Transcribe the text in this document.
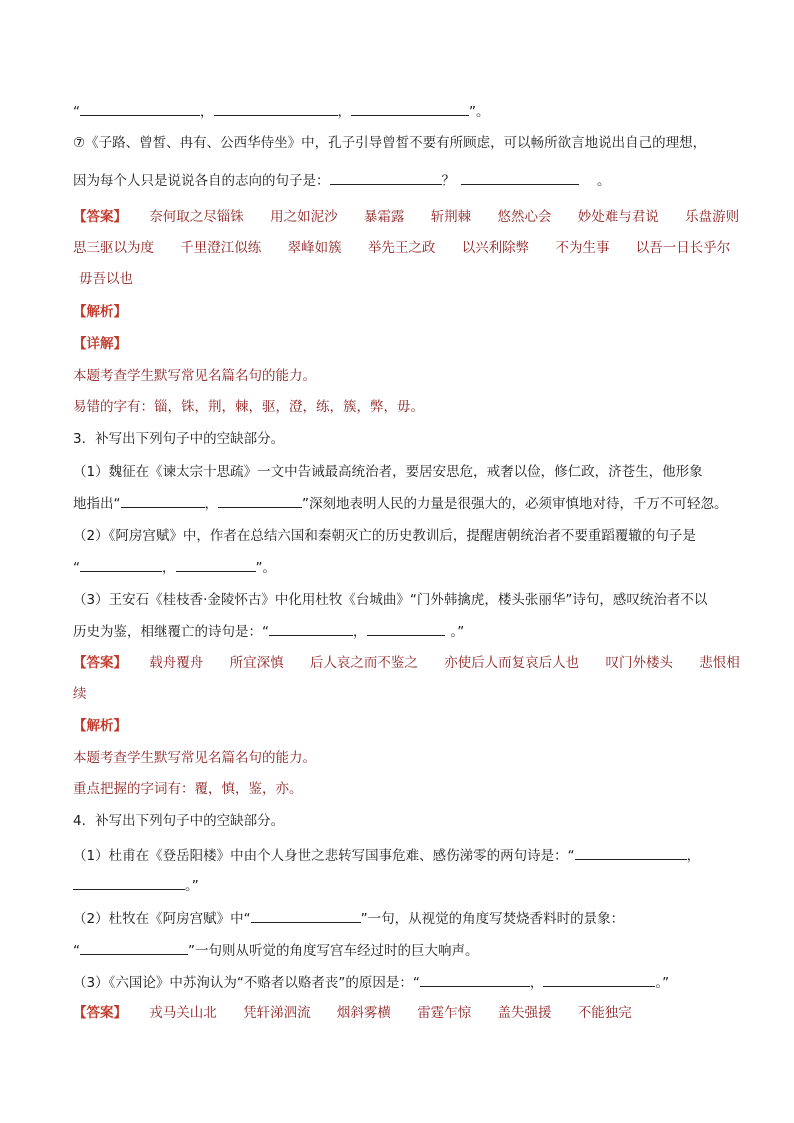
“	，	，	”。
⑦《子路、曾皙、冉有、公西华侍坐》中，孔子引导曾皙不要有所顾虑，可以畅所欲言地说出自己的理想，
因为每个人只是说说各自的志向的句子是：	？	。
【答案】 奈何取之尽锱铢 用之如泥沙 暴霜露 斩荆棘 悠然心会 妙处难与君说 乐盘游则
思三驱以为度 千里澄江似练 翠峰如簇 举先王之政 以兴利除弊 不为生事 以吾一日长乎尔
毋吾以也
【解析】
【详解】
本题考查学生默写常见名篇名句的能力。
易错的字有：锱，铢，荆，棘，驱，澄，练，簇，弊，毋。
3．补写出下列句子中的空缺部分。
（1）魏征在《谏太宗十思疏》一文中告诫最高统治者，要居安思危，戒奢以俭，修仁政，济苍生，他形象
地指出“	，	”深刻地表明人民的力量是很强大的，必须审慎地对待，千万不可轻忽。
（2）《阿房宫赋》中，作者在总结六国和秦朝灭亡的历史教训后，提醒唐朝统治者不要重蹈覆辙的句子是
“	，	”。
（3）王安石《桂枝香·金陵怀古》中化用杜牧《台城曲》“门外韩擒虎，楼头张丽华”诗句，感叹统治者不以
历史为鉴，相继覆亡的诗句是：“	，	。”
【答案】 载舟覆舟 所宜深慎 后人哀之而不鉴之 亦使后人而复哀后人也 叹门外楼头 悲恨相
续
【解析】
本题考查学生默写常见名篇名句的能力。
重点把握的字词有：覆，慎，鉴，亦。
4．补写出下列句子中的空缺部分。
（1）杜甫在《登岳阳楼》中由个人身世之悲转写国事危难、感伤涕零的两句诗是：“	，
。”
（2）杜牧在《阿房宫赋》中“	”一句，从视觉的角度写焚烧香料时的景象：
“	”一句则从听觉的角度写宫车经过时的巨大响声。
（3）《六国论》中苏洵认为“不赂者以赂者丧”的原因是：“	，	。”
【答案】 戎马关山北 凭轩涕泗流 烟斜雾横 雷霆乍惊 盖失强援 不能独完
